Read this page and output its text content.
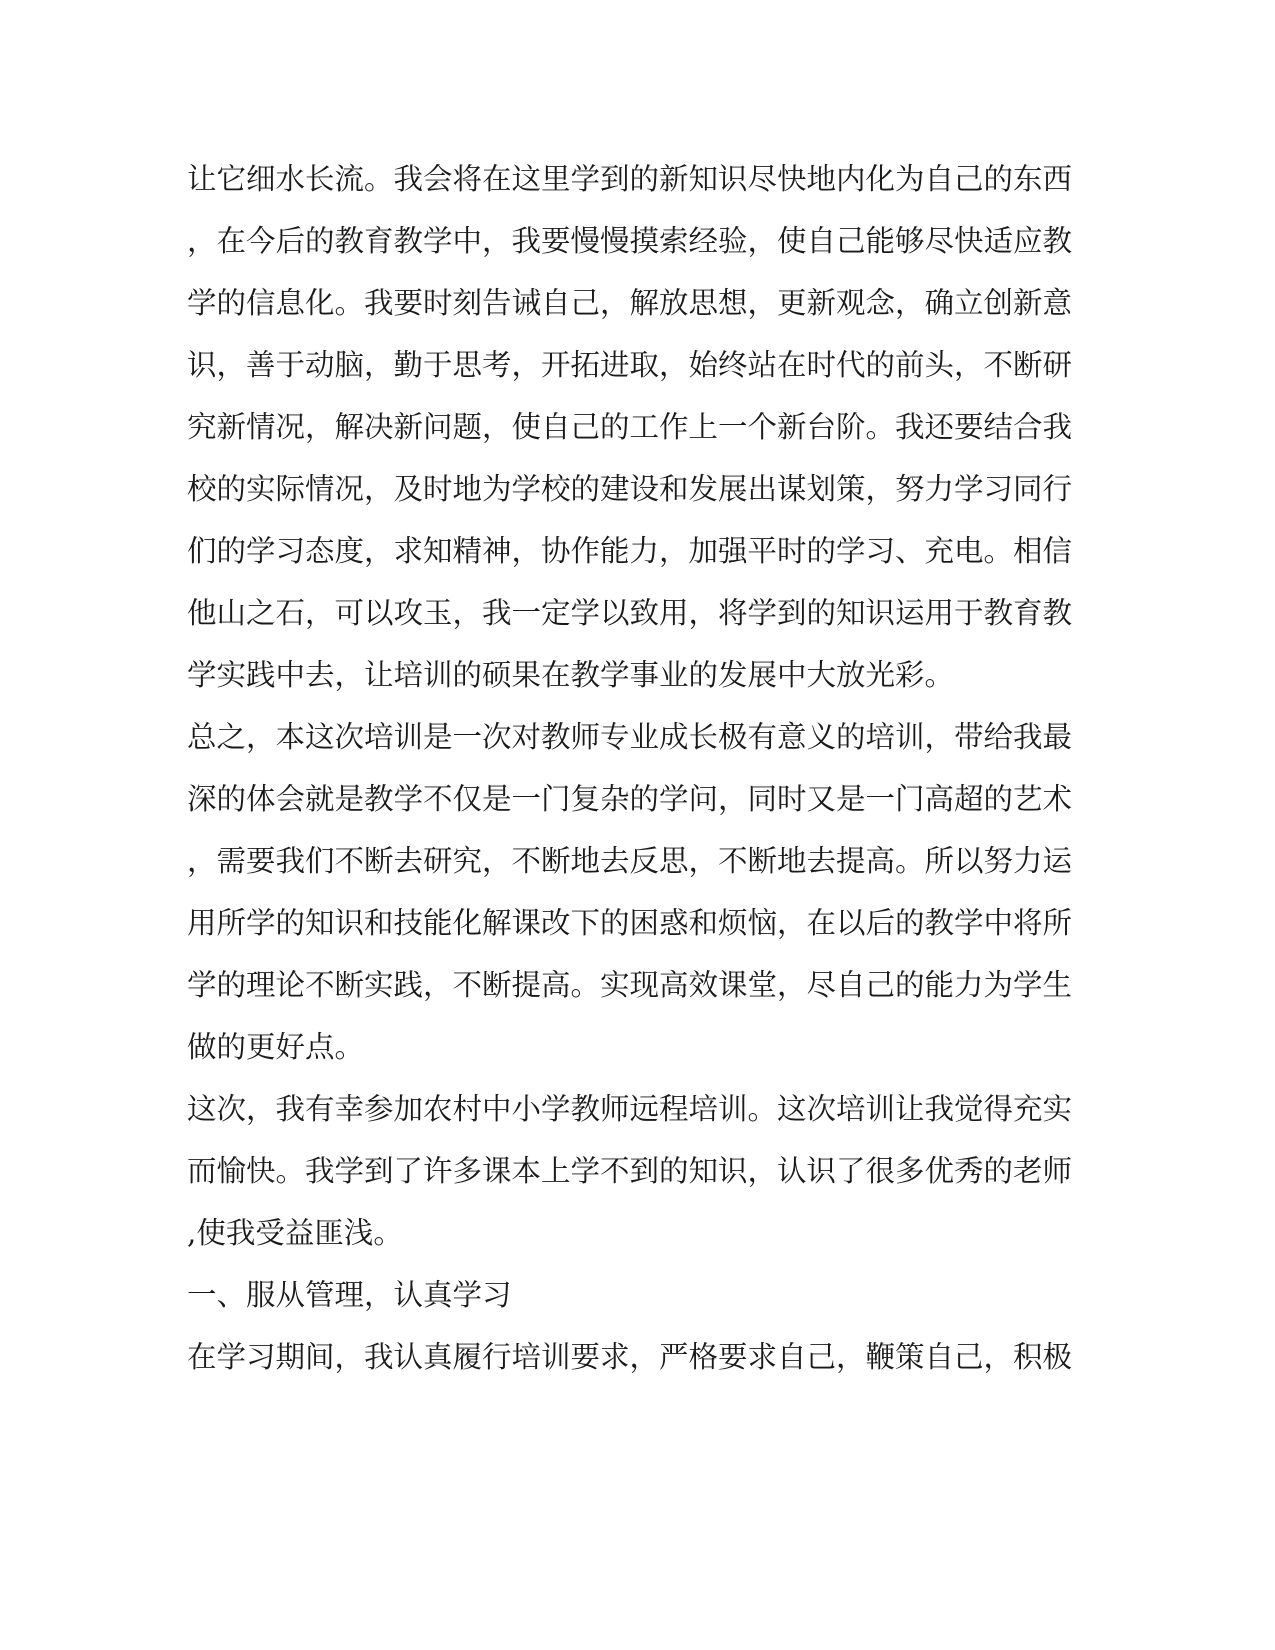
让它细水长流。我会将在这里学到的新知识尽快地内化为自己的东西
，在今后的教育教学中，我要慢慢摸索经验，使自己能够尽快适应教
学的信息化。我要时刻告诫自己，解放思想，更新观念，确立创新意
识，善于动脑，勤于思考，开拓进取，始终站在时代的前头，不断研
究新情况，解决新问题，使自己的工作上一个新台阶。我还要结合我
校的实际情况，及时地为学校的建设和发展出谋划策，努力学习同行
们的学习态度，求知精神，协作能力，加强平时的学习、充电。相信
他山之石，可以攻玉，我一定学以致用，将学到的知识运用于教育教
学实践中去，让培训的硕果在教学事业的发展中大放光彩。
总之，本这次培训是一次对教师专业成长极有意义的培训，带给我最
深的体会就是教学不仅是一门复杂的学问，同时又是一门高超的艺术
，需要我们不断去研究，不断地去反思，不断地去提高。所以努力运
用所学的知识和技能化解课改下的困惑和烦恼，在以后的教学中将所
学的理论不断实践，不断提高。实现高效课堂，尽自己的能力为学生
做的更好点。
这次，我有幸参加农村中小学教师远程培训。这次培训让我觉得充实
而愉快。我学到了许多课本上学不到的知识，认识了很多优秀的老师
,使我受益匪浅。
一、服从管理，认真学习
在学习期间，我认真履行培训要求，严格要求自己，鞭策自己，积极
